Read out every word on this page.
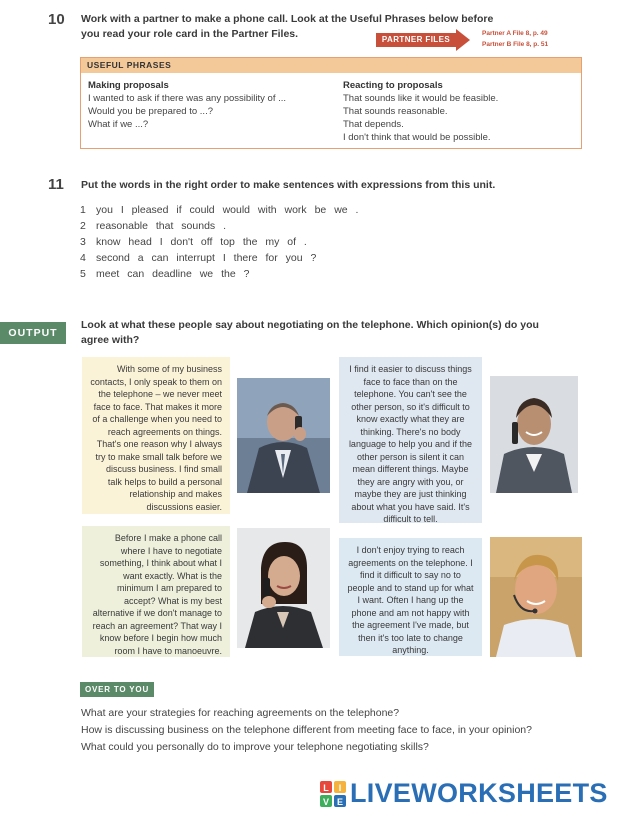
10 Work with a partner to make a phone call. Look at the Useful Phrases below before
you read your role card in the Partner Files.	PARTNER FILES
Partner A File 8, p. 49
Partner B File 8, p. 51
USEFUL PHRASES
Making proposals
I wanted to ask if there was any possibility of ...
Would you be prepared to ...?
What if we ...?
Reacting to proposals
That sounds like it would be feasible.
That sounds reasonable.
That depends.
I don't think that would be possible.
11 Put the words in the right order to make sentences with expressions from this unit.
1 you I pleased if could would with work be we .
2 reasonable that sounds .
3 know head I don't off top the my of .
4 second a can interrupt I there for you ?
5 meet can deadline we the ?
OUTPUT
Look at what these people say about negotiating on the telephone. Which opinion(s) do you
agree with?
With some of my business contacts, I only speak to them on the telephone – we never meet face to face. That makes it more of a challenge when you need to reach agreements on things. That's one reason why I always try to make small talk before we discuss business. I find small talk helps to build a personal relationship and makes discussions easier.
I find it easier to discuss things face to face than on the telephone. You can't see the other person, so it's difficult to know exactly what they are thinking. There's no body language to help you and if the other person is silent it can mean different things. Maybe they are angry with you, or maybe they are just thinking about what you have said. It's difficult to tell.
Before I make a phone call where I have to negotiate something, I think about what I want exactly. What is the minimum I am prepared to accept? What is my best alternative if we don't manage to reach an agreement? That way I know before I begin how much room I have to manoeuvre.
I don't enjoy trying to reach agreements on the telephone. I find it difficult to say no to people and to stand up for what I want. Often I hang up the phone and am not happy with the agreement I've made, but then it's too late to change anything.
OVER TO YOU
What are your strategies for reaching agreements on the telephone?
How is discussing business on the telephone different from meeting face to face, in your opinion?
What could you personally do to improve your telephone negotiating skills?
L I
V E LIVEWORKSHEETS
